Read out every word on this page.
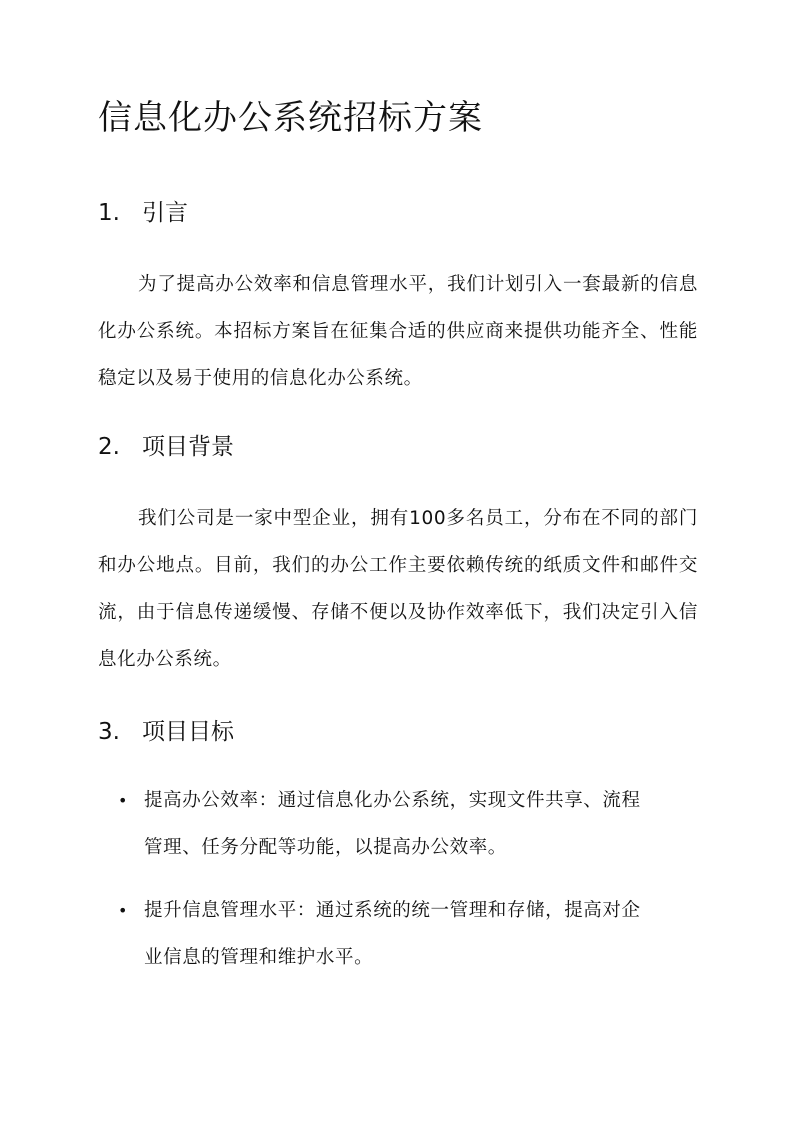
信息化办公系统招标方案
1. 引言

为了提高办公效率和信息管理水平，我们计划引入一套最新的信息化办公系统。本招标方案旨在征集合适的供应商来提供功能齐全、性能稳定以及易于使用的信息化办公系统。

2. 项目背景

我们公司是一家中型企业，拥有100多名员工，分布在不同的部门和办公地点。目前，我们的办公工作主要依赖传统的纸质文件和邮件交流，由于信息传递缓慢、存储不便以及协作效率低下，我们决定引入信息化办公系统。

3. 项目目标
• 提高办公效率：通过信息化办公系统，实现文件共享、流程管理、任务分配等功能，以提高办公效率。
• 提升信息管理水平：通过系统的统一管理和存储，提高对企业信息的管理和维护水平。
